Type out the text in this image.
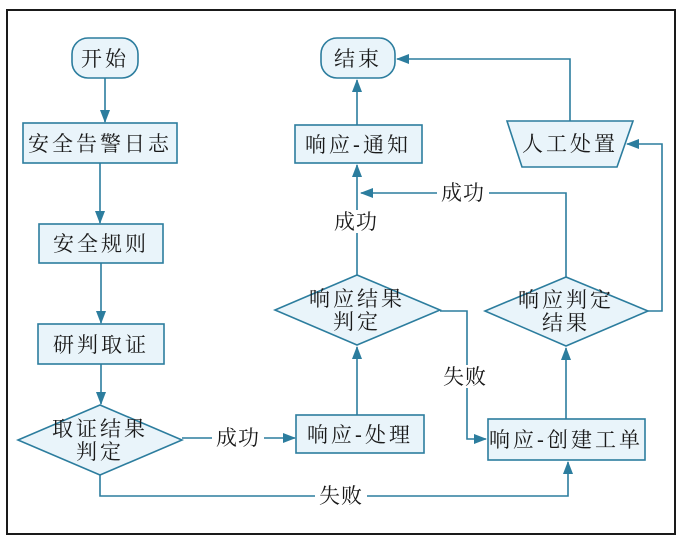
开始
安全告警日志
安全规则
研判取证
取证结果
判定
响应-处理
响应结果
判定
响应-通知
结束
人工处置
响应判定
结果
响应-创建工单
成功
成功
成功
失败
失败
